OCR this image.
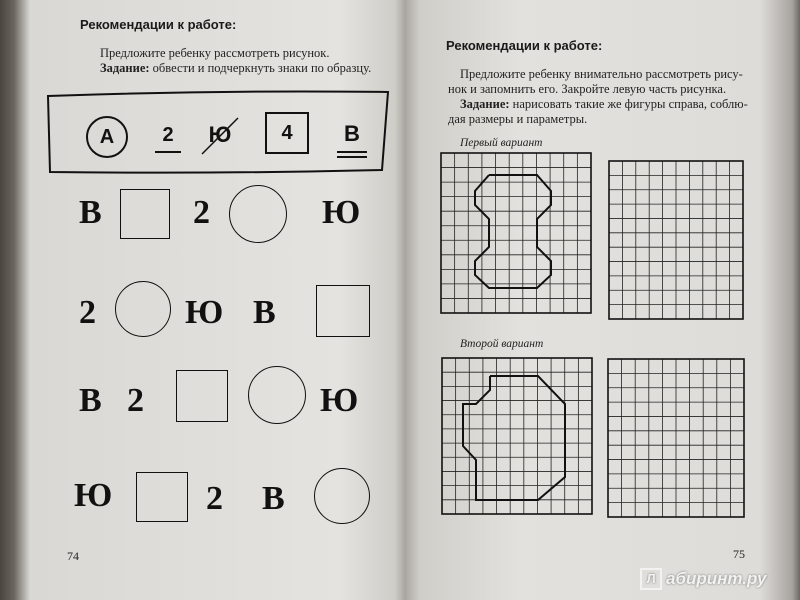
Рекомендации к работе:
Предложите ребенку рассмотреть рисунок.
Задание: обвести и подчеркнуть знаки по образцу.
А	2	Ю	4	В
В	2	Ю
2	Ю В
В 2	Ю
Ю	2 В
74
Рекомендации к работе:
Предложите ребенку внимательно рассмотреть рису-
нок и запомнить его. Закройте левую часть рисунка.
Задание: нарисовать такие же фигуры справа, соблю-
дая размеры и параметры.
Первый вариант
Второй вариант
75
Л абиринт.ру
